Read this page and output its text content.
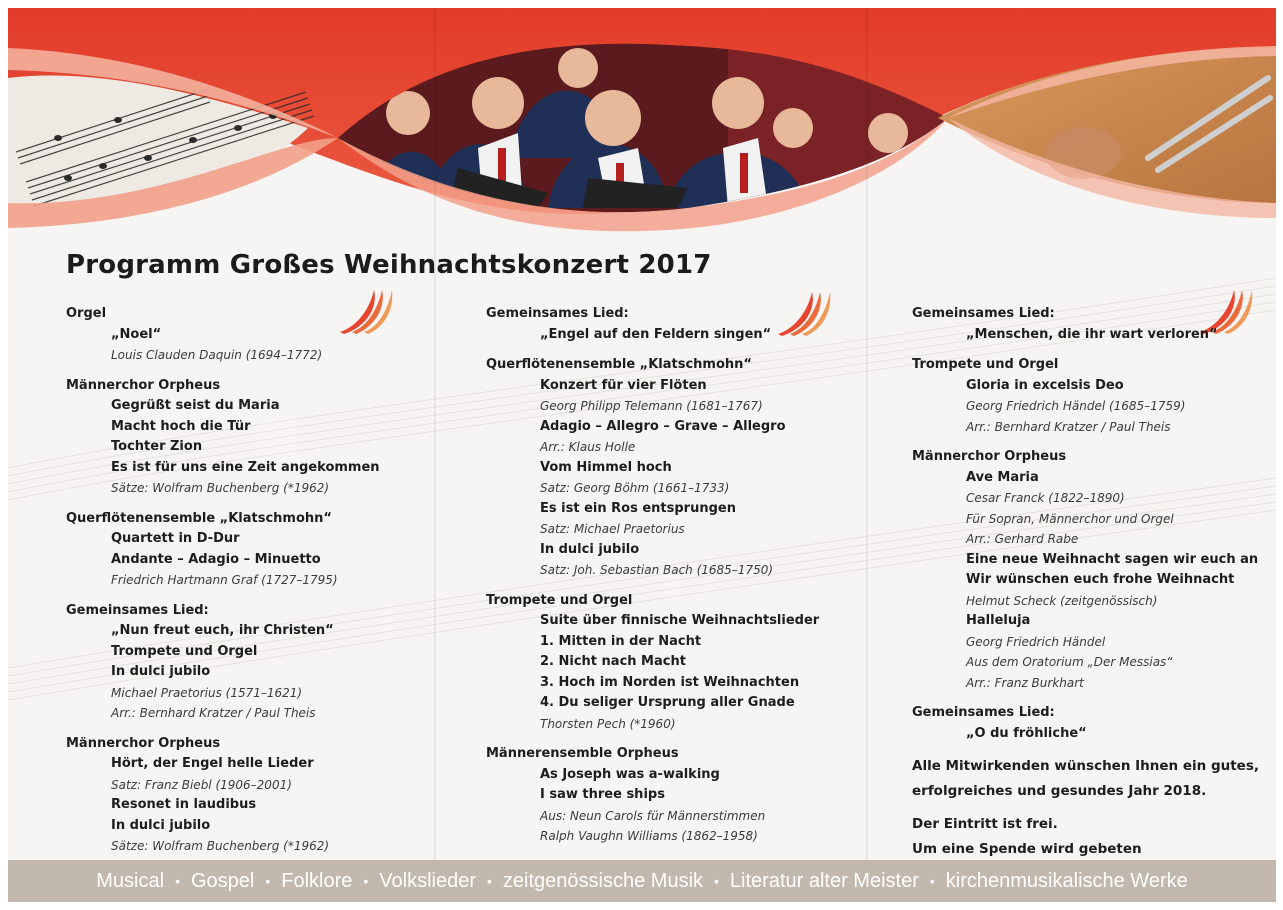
Programm Großes Weihnachtskonzert 2017
Orgel
„Noel“
Louis Clauden Daquin (1694–1772)
Männerchor Orpheus
Gegrüßt seist du Maria
Macht hoch die Tür
Tochter Zion
Es ist für uns eine Zeit angekommen
Sätze: Wolfram Buchenberg (*1962)
Querflötenensemble „Klatschmohn“
Quartett in D-Dur
Andante – Adagio – Minuetto
Friedrich Hartmann Graf (1727–1795)
Gemeinsames Lied:
„Nun freut euch, ihr Christen“
Trompete und Orgel
In dulci jubilo
Michael Praetorius (1571–1621)
Arr.: Bernhard Kratzer / Paul Theis
Männerchor Orpheus
Hört, der Engel helle Lieder
Satz: Franz Biebl (1906–2001)
Resonet in laudibus
In dulci jubilo
Sätze: Wolfram Buchenberg (*1962)
Gemeinsames Lied:
„Engel auf den Feldern singen“
Querflötenensemble „Klatschmohn“
Konzert für vier Flöten
Georg Philipp Telemann (1681–1767)
Adagio – Allegro – Grave – Allegro
Arr.: Klaus Holle
Vom Himmel hoch
Satz: Georg Böhm (1661–1733)
Es ist ein Ros entsprungen
Satz: Michael Praetorius
In dulci jubilo
Satz: Joh. Sebastian Bach (1685–1750)
Trompete und Orgel
Suite über finnische Weihnachtslieder
1. Mitten in der Nacht
2. Nicht nach Macht
3. Hoch im Norden ist Weihnachten
4. Du seliger Ursprung aller Gnade
Thorsten Pech (*1960)
Männerensemble Orpheus
As Joseph was a-walking
I saw three ships
Aus: Neun Carols für Männerstimmen
Ralph Vaughn Williams (1862–1958)
Gemeinsames Lied:
„Menschen, die ihr wart verloren“
Trompete und Orgel
Gloria in excelsis Deo
Georg Friedrich Händel (1685–1759)
Arr.: Bernhard Kratzer / Paul Theis
Männerchor Orpheus
Ave Maria
Cesar Franck (1822–1890)
Für Sopran, Männerchor und Orgel
Arr.: Gerhard Rabe
Eine neue Weihnacht sagen wir euch an
Wir wünschen euch frohe Weihnacht
Helmut Scheck (zeitgenössisch)
Halleluja
Georg Friedrich Händel
Aus dem Oratorium „Der Messias“
Arr.: Franz Burkhart
Gemeinsames Lied:
„O du fröhliche“
Alle Mitwirkenden wünschen Ihnen ein gutes,
erfolgreiches und gesundes Jahr 2018.
Der Eintritt ist frei.
Um eine Spende wird gebeten
Musical • Gospel • Folklore • Volkslieder • zeitgenössische Musik • Literatur alter Meister • kirchenmusikalische Werke
